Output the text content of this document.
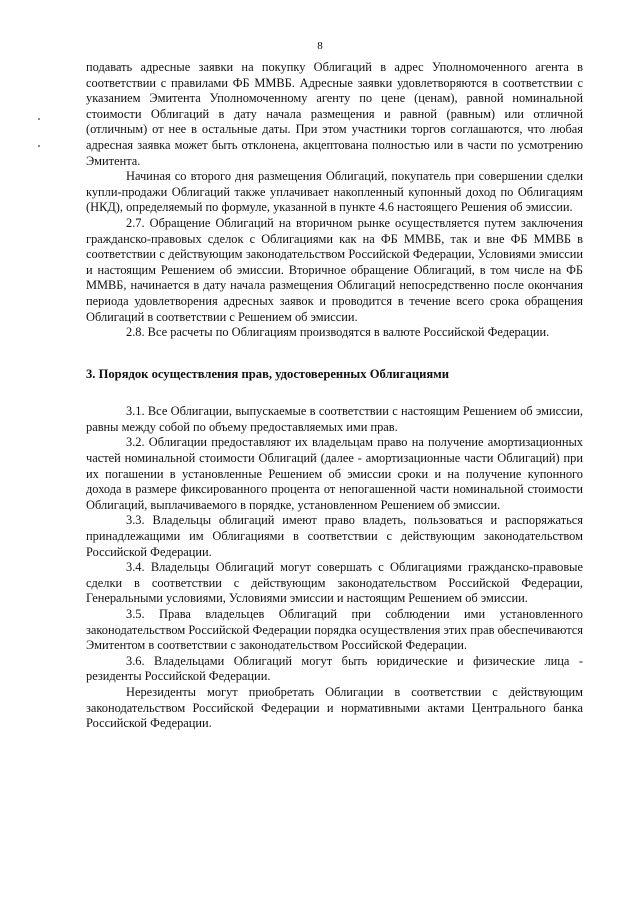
8

подавать адресные заявки на покупку Облигаций в адрес Уполномоченного агента в соответствии с правилами ФБ ММВБ. Адресные заявки удовлетворяются в соответствии с указанием Эмитента Уполномоченному агенту по цене (ценам), равной номинальной стоимости Облигаций в дату начала размещения и равной (равным) или отличной (отличным) от нее в остальные даты. При этом участники торгов соглашаются, что любая адресная заявка может быть отклонена, акцептована полностью или в части по усмотрению Эмитента.

Начиная со второго дня размещения Облигаций, покупатель при совершении сделки купли-продажи Облигаций также уплачивает накопленный купонный доход по Облигациям (НКД), определяемый по формуле, указанной в пункте 4.6 настоящего Решения об эмиссии.

2.7. Обращение Облигаций на вторичном рынке осуществляется путем заключения гражданско-правовых сделок с Облигациями как на ФБ ММВБ, так и вне ФБ ММВБ в соответствии с действующим законодательством Российской Федерации, Условиями эмиссии и настоящим Решением об эмиссии. Вторичное обращение Облигаций, в том числе на ФБ ММВБ, начинается в дату начала размещения Облигаций непосредственно после окончания периода удовлетворения адресных заявок и проводится в течение всего срока обращения Облигаций в соответствии с Решением об эмиссии.

2.8. Все расчеты по Облигациям производятся в валюте Российской Федерации.

3. Порядок осуществления прав, удостоверенных Облигациями

3.1. Все Облигации, выпускаемые в соответствии с настоящим Решением об эмиссии, равны между собой по объему предоставляемых ими прав.

3.2. Облигации предоставляют их владельцам право на получение амортизационных частей номинальной стоимости Облигаций (далее - амортизационные части Облигаций) при их погашении в установленные Решением об эмиссии сроки и на получение купонного дохода в размере фиксированного процента от непогашенной части номинальной стоимости Облигаций, выплачиваемого в порядке, установленном Решением об эмиссии.

3.3. Владельцы облигаций имеют право владеть, пользоваться и распоряжаться принадлежащими им Облигациями в соответствии с действующим законодательством Российской Федерации.

3.4. Владельцы Облигаций могут совершать с Облигациями гражданско-правовые сделки в соответствии с действующим законодательством Российской Федерации, Генеральными условиями, Условиями эмиссии и настоящим Решением об эмиссии.

3.5. Права владельцев Облигаций при соблюдении ими установленного законодательством Российской Федерации порядка осуществления этих прав обеспечиваются Эмитентом в соответствии с законодательством Российской Федерации.

3.6. Владельцами Облигаций могут быть юридические и физические лица - резиденты Российской Федерации.

Нерезиденты могут приобретать Облигации в соответствии с действующим законодательством Российской Федерации и нормативными актами Центрального банка Российской Федерации.
